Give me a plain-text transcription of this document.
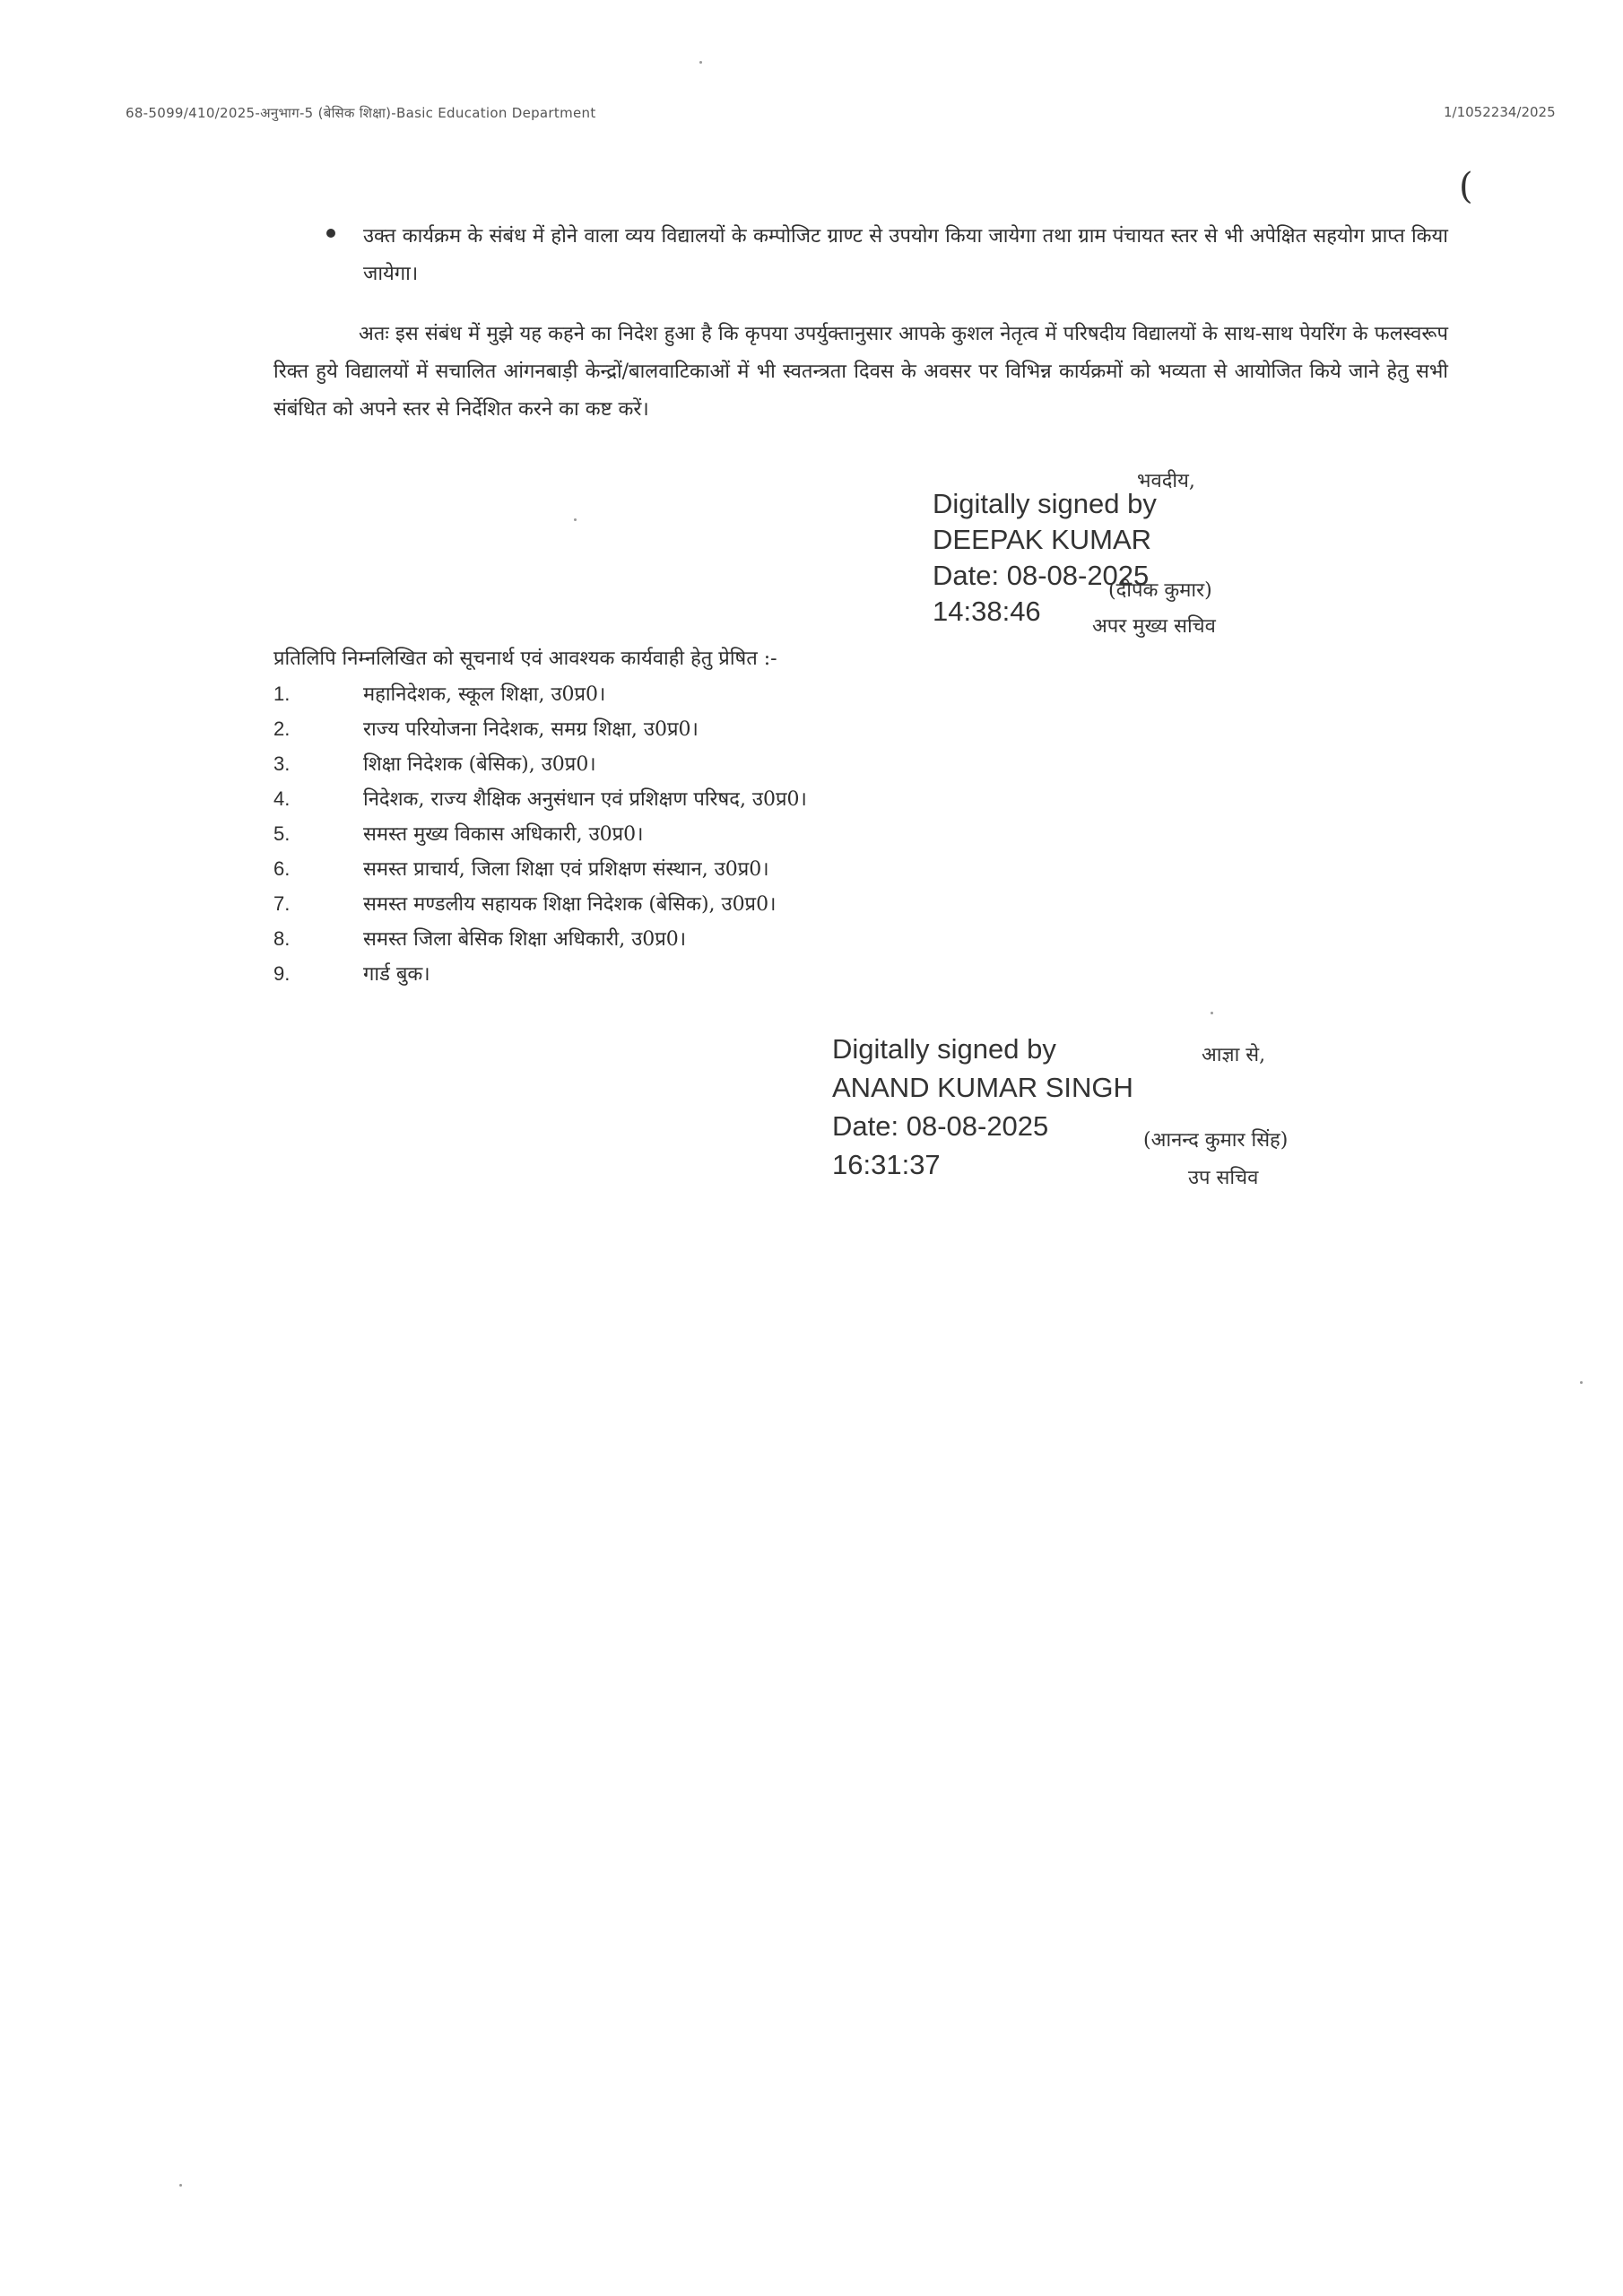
68-5099/410/2025-अनुभाग-5 (बेसिक शिक्षा)-Basic Education Department	1/1052234/2025
(
उक्त कार्यक्रम के संबंध में होने वाला व्यय विद्यालयों के कम्पोजिट ग्राण्ट से उपयोग किया जायेगा तथा ग्राम पंचायत स्तर से भी अपेक्षित सहयोग प्राप्त किया जायेगा।
अतः इस संबंध में मुझे यह कहने का निदेश हुआ है कि कृपया उपर्युक्तानुसार आपके कुशल नेतृत्व में परिषदीय विद्यालयों के साथ-साथ पेयरिंग के फलस्वरूप रिक्त हुये विद्यालयों में सचालित आंगनबाड़ी केन्द्रों/बालवाटिकाओं में भी स्वतन्त्रता दिवस के अवसर पर विभिन्न कार्यक्रमों को भव्यता से आयोजित किये जाने हेतु सभी संबंधित को अपने स्तर से निर्देशित करने का कष्ट करें।
भवदीय,
Digitally signed by
DEEPAK KUMAR
Date: 08-08-2025
14:38:46
(दीपक कुमार)
अपर मुख्य सचिव
प्रतिलिपि निम्नलिखित को सूचनार्थ एवं आवश्यक कार्यवाही हेतु प्रेषित :-
1.	महानिदेशक, स्कूल शिक्षा, उ0प्र0।
2.	राज्य परियोजना निदेशक, समग्र शिक्षा, उ0प्र0।
3.	शिक्षा निदेशक (बेसिक), उ0प्र0।
4.	निदेशक, राज्य शैक्षिक अनुसंधान एवं प्रशिक्षण परिषद, उ0प्र0।
5.	समस्त मुख्य विकास अधिकारी, उ0प्र0।
6.	समस्त प्राचार्य, जिला शिक्षा एवं प्रशिक्षण संस्थान, उ0प्र0।
7.	समस्त मण्डलीय सहायक शिक्षा निदेशक (बेसिक), उ0प्र0।
8.	समस्त जिला बेसिक शिक्षा अधिकारी, उ0प्र0।
9.	गार्ड बुक।
आज्ञा से,
Digitally signed by
ANAND KUMAR SINGH
Date: 08-08-2025
16:31:37
(आनन्द कुमार सिंह)
उप सचिव
